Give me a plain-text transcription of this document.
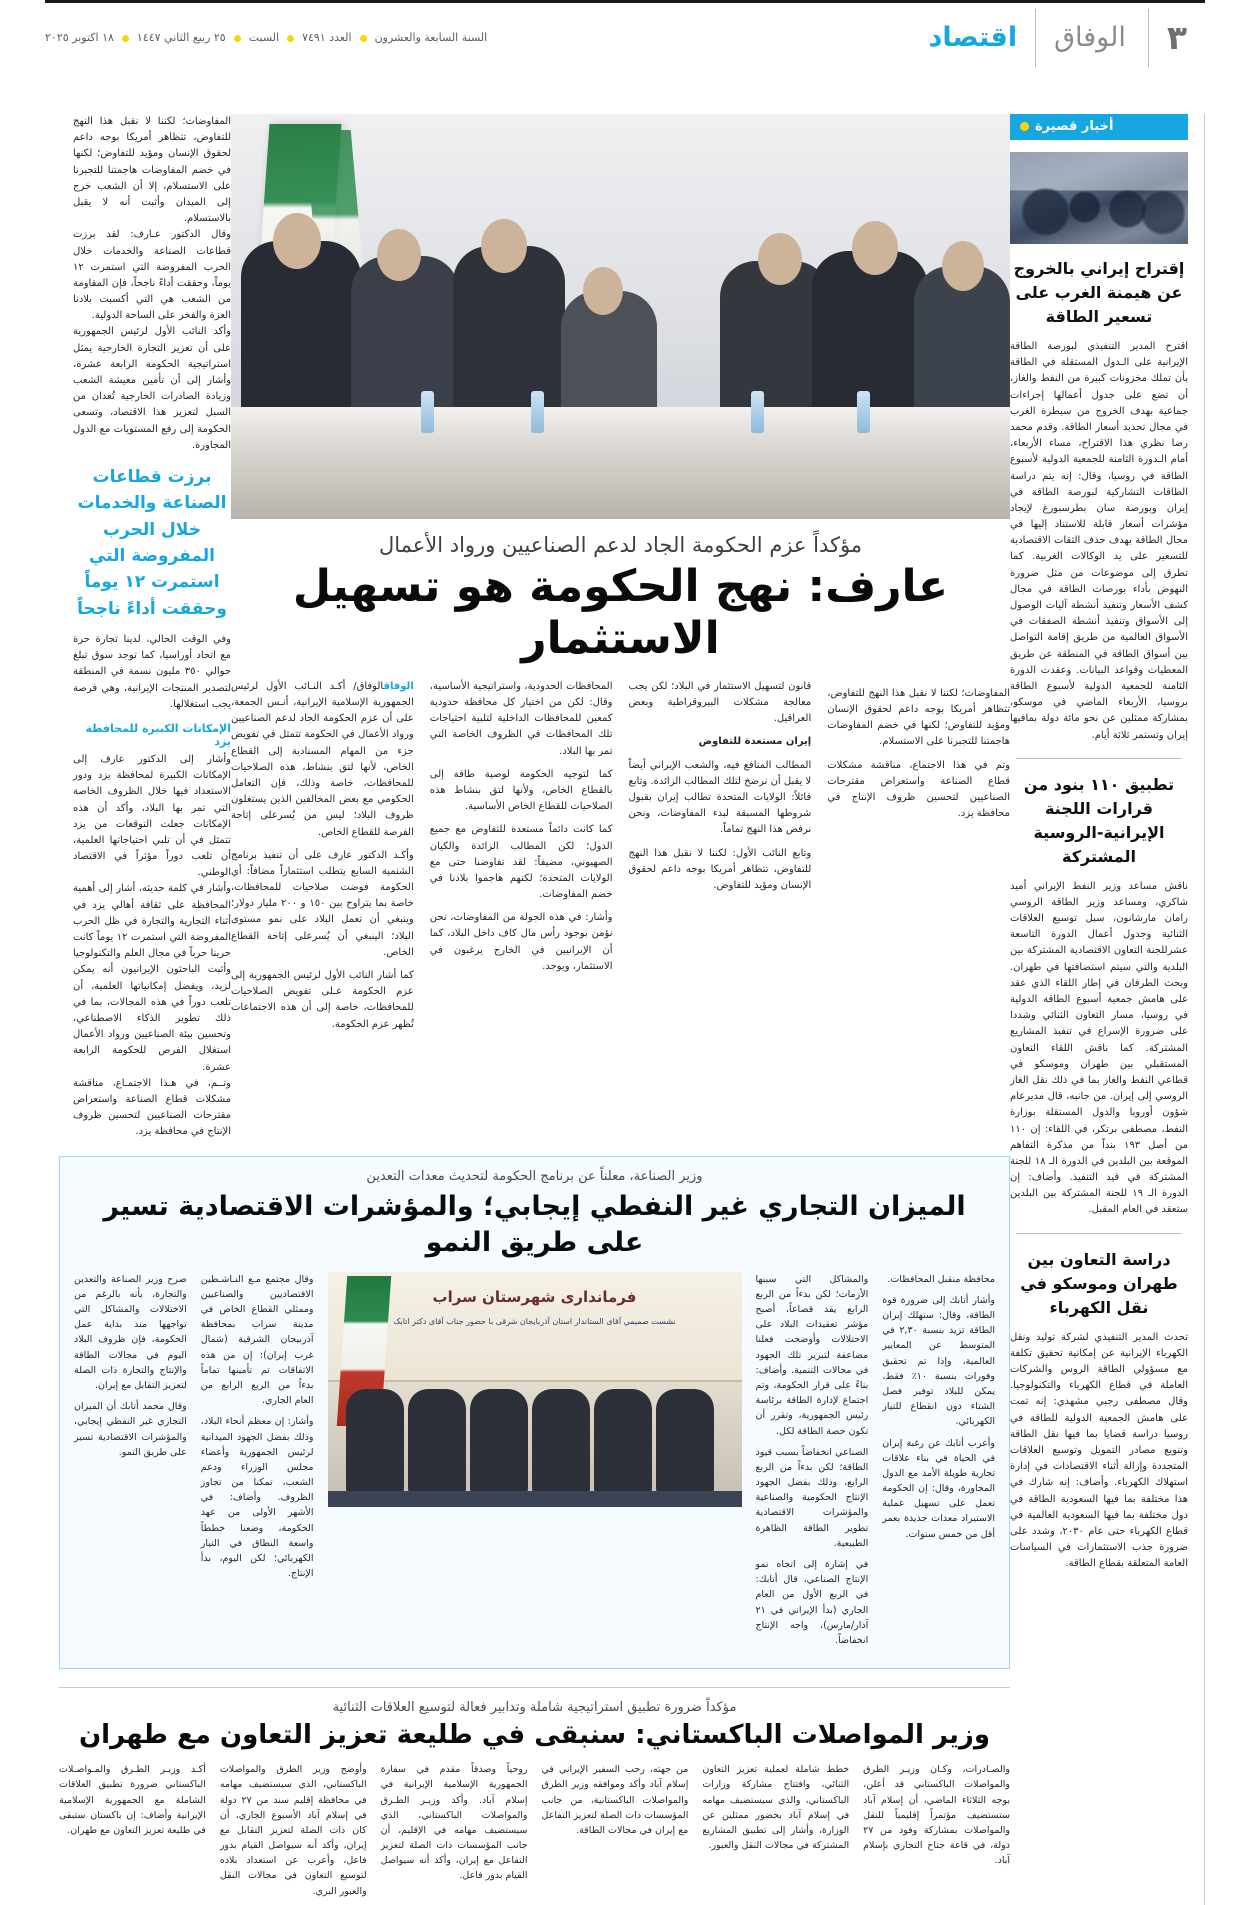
٣
الوفاق
اقتصاد
السنة السابعة والعشرون
العدد ٧٤٩١
السبت
٢٥ ربيع الثاني ١٤٤٧
١٨ اكتوبر ٢٠٢٥
أخبار قصيرة
إقتراح إيراني بالخروج عن هيمنة الغرب على تسعير الطاقة

اقترح المدير التنفيذي لبورصة الطاقة الإيرانية على الـدول المستقلة في الطاقة بأن تملك مخزونات كبيرة من النفط والغاز، أن تضع على جدول أعمالها إجراءات جماعية بهدف الخروج من سيطرة الغرب في مجال تحديد أسعار الطاقة. وقدم محمد رضا نظري هذا الاقتراح، مساء الأربعاء، أمام الـدورة الثامنة للجمعية الدولية لأسبوع الطاقة في روسيا، وقال: إنه يتم دراسة الطاقات التشاركية لبورصة الطاقة في إيران وبورصة سان بطرسبورغ لإيجاد مؤشرات أسعار قابلة للاستناد إليها في مجال الطاقة بهدف حذف الثقات الاقتصادية للتسعير على يد الوكالات الغربية. كما تطرق إلى موضوعات من مثل ضرورة النهوض بأداء بورصات الطاقة في مجال كشف الأسعار وتنفيذ أنشطة آليات الوصول إلى الأسواق وتنفيذ أنشطة الصفقات في الأسواق العالمية من طريق إقامة التواصل بين أسواق الطاقة في المنطقة عن طريق المعطيات وقواعد البيانات. وعقدت الدورة الثامنة للجمعية الدولية لأسبوع الطاقة بروسيا، الأربعاء الماضي في موسكو، بمشاركة ممثلين عن نحو مائة دولة بمافيها إيران وتستمر ثلاثة أيام.

تطبيق ١١٠ بنود من قرارات اللجنة الإيرانية-الروسية المشتركة

ناقش مساعد وزير النفط الإيراني أميد شاكري، ومساعد وزير الطاقة الروسي رامان مارشانون، سبل توسيع العلاقات الثنائية وجدول أعمال الدورة التاسعة عشرللجنة التعاون الاقتصادية المشتركة بين البلدية والتي سيتم استضافتها في طهران. وبحث الطرفان في إطار اللقاء الذي عقد على هامش جمعية أسبوع الطاقة الدولية في روسيا، مسار التعاون الثنائي وشددا على ضرورة الإسراع في تنفيذ المشاريع المشتركة. كما ناقش اللقاء التعاون المستقبلي بين طهران وموسكو في قطاعي النفط والغاز بما في ذلك نقل الغاز الروسي إلى إيران. من جانبه، قال مديرعام شؤون أوروبا والدول المستقلة بوزارة النفط، مصطفى برتكر، في اللقاء: إن ١١٠ من أصل ١٩٣ بنداً من مذكرة التفاهم الموقعة بين البلدين في الدورة الـ ١٨ للجنة المشتركة في قيد التنفيذ. وأضاف: إن الدورة الـ ١٩ للجنة المشتركة بين البلدين ستعقد في العام المقبل.

دراسة التعاون بين طهران وموسكو في نقل الكهرباء

تحدث المدير التنفيذي لشركة توليد ونقل الكهرباء الإيرانية عن إمكانية تحقيق تكلفة مع مسؤولي الطاقة الروس والشركات العاملة في قطاع الكهرباء والتكنولوجيا. وقال مصطفى رجبي مشهدي: إنه تمت على هامش الجمعية الدولية للطاقة في روسيا دراسة قضايا بما فيها نقل الطاقة وتنويع مصادر التمويل وتوسيع العلاقات المتجددة وإزالة أثناء الاقتصادات في إدارة استهلاك الكهرباء. وأضاف: إنه شارك في هذا مختلفة بما فيها السعودية الطاقة في دول مختلفة بما فيها السعودية العالمية في قطاع الكهرباء حتى عام ٢٠٣٠، وشدد على ضرورة جذب الاستثمارات في السياسات العامة المتعلقة بقطاع الطاقة.

مؤكداً عزم الحكومة الجاد لدعم الصناعيين ورواد الأعمال
عارف: نهج الحكومة هو تسهيل الاستثمار

المفاوضات؛ لكننا لا نقبل هذا النهج للتفاوض، تتظاهر أمريكا بوجه داعم لحقوق الإنسان ومؤيد للتفاوض؛ لكنها في خضم المفاوضات هاجمتنا للتجبرنا على الاستسلام.

وتم في هذا الاجتماع، مناقشة مشكلات قطاع الصناعة واستعراض مقترحات الصناعيين لتحسين ظروف الإنتاج في محافظة يزد.

قانون لتسهيل الاستثمار في البلاد؛ لكن يجب معالجة مشكلات البيروقراطية وبعض العراقيل.

إيران مستعدة للتفاوض

المطالب المنافع فيه، والشعب الإيراني أيضاً لا يقبل أن نرضخ لتلك المطالب الزائدة. وتابع قائلاً: الولايات المتحدة تطالب إيران بقبول شروطها المسبقة لبدء المفاوضات، ونحن نرفض هذا النهج تماماً.

وتابع النائب الأول: لكننا لا نقبل هذا النهج للتفاوض، تتظاهر أمريكا بوجه داعم لحقوق الإنسان ومؤيد للتفاوض.

المحافظات الحدودية، واستراتيجية الأساسية، وقال: لكن من اختيار كل محافظة حدودية كمعين للمحافظات الداخلية لتلبية احتياجات تلك المحافظات في الظروف الخاصة التي تمر بها البلاد.

كما لتوجيه الحكومة لوصية طاقة إلى بالقطاع الخاص، ولأنها لتق بنشاط هذه الصلاحيات للقطاع الخاص الأساسية.

كما كانت دائماً مستعدة للتفاوض مع جميع الدول؛ لكن المطالب الزائدة والكيان الصهيوني، مضيفاً: لقد تفاوضنا حتى مع الولايات المتحدة؛ لكنهم هاجموا بلادنا في خضم المفاوضات.

وأشار: في هذه الجولة من المفاوضات، نحن نؤمن بوجود رأس مال كاف داخل البلاد، كما أن الإيرانيين في الخارج يرغبون في الاستثمار، ويوجد.

الوفاقالوفاق/ أكـد النـائب الأول لرئيس الجمهورية الإسلامية الإيرانية، أنـس الجمعة، على أن عزم الحكومة الجاد لدعم الصناعيين ورواد الأعمال في الحكومة تتمثل في تفويض جزء من المهام المسنادية إلى القطاع الخاص، لأنها لتق بنشاط، هذه الصلاحيات للمحافظات، خاصة وذلك، فإن التعامل الحكومي مع بعض المخالفين الذين يستغلون ظروف البلاد؛ ليس من يُسرعلى إتاحة الفرصة للقطاع الخاص.

وأكـد الدكتور عارف على أن تنفيذ برنامج الشنمية السابع يتطلب استثماراً مضافاً: أي الحكومة فوضت صلاحيات للمحافظات، خاصة بما يتراوح بين ١٥٠ و ٢٠٠ مليار دولار؛ وينبغي أن تعمل البلاد على نمو مستوى البلاد؛ الينبغي أن يُسرعلى إتاحة القطاع الخاص.

كما أشار النائب الأول لرئيس الجمهورية إلى عزم الحكومة عـلى تفويض الصلاحيات للمحافظات، خاصة إلى أن هذه الاجتماعات تُظهر عزم الحكومة.

المفاوضات؛ لكننا لا نقبل هذا النهج للتفاوض، تتظاهر أمريكا بوجه داعم لحقوق الإنسان ومؤيد للتفاوض؛ لكنها في خضم المفاوضات هاجمتنا للتجبرنا على الاستسلام، إلا أن الشعب خرج إلى الميدان وأثبت أنه لا يقبل بالاستسلام.

وقال الدكتور عـارف: لقد برزت قطاعات الصناعة والخدمات خلال الحرب المفروضة التي استمرت ١٢ يوماً، وحققت أداءً ناجحاً، فإن المقاومة من الشعب هي التي أكسبت بلادنا العزة والفخر على الساحة الدولية.

وأكد النائب الأول لرئيس الجمهورية على أن تعزيز التجارة الخارجية يمثل استراتيجية الحكومة الرابعة عشرة، وأشار إلى أن تأمين معيشة الشعب وزيادة الصادرات الخارجية تُعدان من السبل لتعزيز هذا الاقتصاد، وتسعى الحكومة إلى رفع المستويات مع الدول المجاورة.

برزت قطاعات الصناعة والخدمات خلال الحرب المفروضة التي استمرت ١٢ يوماً وحققت أداءً ناجحاً

وفي الوقت الحالي، لدينا تجارة حرة مع اتحاد أوراسيا، كما توجد سوق تبلغ حوالي ٣٥٠ مليون نسمة في المنطقة لتصدير المنتجات الإيرانية، وهي فرصة يجب استغلالها.

الإمكانات الكبيرة للمحافظة يزد

وأشار إلى الدكتور عارف إلى الإمكانات الكبيرة لمحافظة يزد ودور الاستعداد فيها خلال الظروف الخاصة التي تمر بها البلاد، وأكد أن هذه الإمكانات جعلت التوقعات من يزد تتمثل في أن تلبي احتياجاتها العلمية، أن تلعب دوراً مؤثراً في الاقتصاد الوطني.

وأشار في كلمة حديثه، أشار إلى أهمية المحافظة على ثقافة أهالي يزد في أثناء التجارية والتجارة في ظل الحرب المفروضة التي استمرت ١٢ يوماً كانت حربنا حرباً في مجال العلم والتكنولوجيا وأثبت الباحثون الإيرانيون أنه يمكن لزيد، ويفضل إمكانياتها العلمية، أن تلعب دوراً في هذه المجالات، بما في ذلك تطوير الذكاء الاصطناعي، وتحسين بيئة الصناعيين ورواد الأعمال استغلال الفرص للحكومة الرابعة عشرة.

وتــم، في هـذا الاجتمـاع، مناقشة مشكلات قطاع الصناعة واستعراض مقترحات الصناعيين لتحسين ظروف الإنتاج في محافظة يزد.

وزير الصناعة، معلناً عن برنامج الحكومة لتحديث معدات التعدين
الميزان التجاري غير النفطي إيجابي؛ والمؤشرات الاقتصادية تسير على طريق النمو

محافظة منقبل المحافظات.

وأشار أتابك إلى ضرورة قوة الطاقة، وقال: ستهلك إيران الطاقة تزيد بنسبة ٢,٣٠ في المتوسط عن المعايير العالمية، وإذا تم تحقيق وفورات بنسبة ١٠٪ فقط، يمكن للبلاد توفير فصل الشتاء دون انقطاع للتيار الكهربائي.

وأعرب أتابك عن رغبة إيران في الحياة في بناء علاقات تجارية طويلة الأمد مع الدول المجاورة، وقال: إن الحكومة تعمل على تسهيل عملية الاستيراد معدات جديدة بعمر أقل من خمس سنوات.

والمشاكل التي سببها الأزمات؛ لكن بدءاً من الربع الرابع يقد قصاعاً، أصبح مؤشر تعقيدات البلاد على الاحتلالات وأوضحت فعلنا مضاعفة لتبرير تلك الجهود في مجالات التنمية. وأضاف: بناءً على قرار الحكومة، وتم اجتماع لإدارة الطاقة برئاسة رئيس الجمهورية، وتقرر أن تكون حصة الطاقة لكل.

الصناعي انخفاضاً بسبب قيود الطاقة؛ لكن بدءاً من الربع الرابع، وذلك بفضل الجهود الإنتاج الحكومية والصناعية والمؤشرات الاقتصادية تطوير الطاقة الظاهرة الطبيعية.

في إشارة إلى اتجاه نمو الإنتاج الصناعي، قال أتابك: في الربع الأول من العام الجاري (بدأ الإيراني في ٢١ آذار/مارس)، واجه الإنتاج انخفاضاً.

فرمانداری شهرستان سراب
نشست صميمي آقای الستاندار استان آذربایجان شرقی با حضور جناب آقای دکتر اتابک

وقال مجتمع مـع النـاشـطين الاقتصاديين والصناعيين وممثلي القطاع الخاص في مدينة سراب بمحافظة آذربيجان الشرقية (شمال غرب إيران): إن من هذه الاتفاقات تم تأمينها تماماً بدءاً من الربع الرابع من العام الجاري.

وأشار: إن معظم أنحاء البلاد، وذلك بفضل الجهود الميدانية لرئيس الجمهورية وأعضاء مجلس الوزراء ودعم الشعب، تمكنا من تجاوز الظروف. وأضاف: في الأشهر الأولى من عهد الحكومة، وضعنا خططاً واسعة النطاق في التيار الكهربائي؛ لكن اليوم، بدأ الإنتاج.

صرح وزير الصناعة والتعدين والتجارة، بأنه بالرغم من الاختلالات والمشاكل التي تواجهها منذ بداية عمل الحكومة، فإن ظروف البلاد اليوم في مجالات الطاقة والإنتاج والتجارة ذات الصلة لتعزيز التقابل مع إيران.

وقال محمد أتابك أن الميزان التجاري غير النفطي إيجابي، والمؤشرات الاقتصادية تسير على طريق النمو.

مؤكداً ضرورة تطبيق استراتيجية شاملة وتدابير فعالة لتوسيع العلاقات الثنائية
وزير المواصلات الباكستاني: سنبقى في طليعة تعزيز التعاون مع طهران

والصـادرات، وكـان وزيـر الطرق والمواصلات الباكستاني قد أعلن، بوجه الثلاثاء الماضي، أن إسلام آباد ستستضيف مؤتمراً إقليمياً للنقل والمواصلات بمشاركة وفود من ٢٧ دولة، في قاعة جناح التجاري بإسلام آباد.

خطط شاملة لعملية تعزيز التعاون الثنائي، وافتتاح مشاركة وزارات الباكستاني، والذي سيستضيف مهامه في إسلام آباد بحضور ممثلين عن الوزارة، وأشار إلى تطبيق المشاريع المشتركة في مجالات النقل والعبور.

من جهته، رحب السفير الإيراني في إسلام آباد وأكد وموافقه وزير الطرق والمواصلات الباكستانية، من جانب المؤسسات ذات الصلة لتعزيز التفاعل مع إيران في مجالات الطاقة.

روحياً وصدقاً مقدم في سفارة الجمهورية الإسلامية الإيرانية في إسلام آباد. وأكد وزيـر الطـرق والمواصلات الباكستاني، الذي سيستضيف مهامه في الإقليم، أن جانب المؤسسات ذات الصلة لتعزيز التفاعل مع إيران، وأكد أنه سيواصل القيام بدور فاعل.

وأوضح وزير الطرق والمواصلات الباكستاني، الذي سيستضيف مهامه في محافظة إقليم سند من ٢٧ دولة في إسلام آباد الأسبوع الجاري، أن كان ذات الصلة لتعزيز التقابل مع إيران، وأكد أنه سيواصل القيام بدور فاعل، وأعرب عن استعداد بلاده لتوسيع التعاون في مجالات النقل والعبور البري.

أكـد وزيـر الطـرق والمـواصـلات الباكستاني ضرورة تطبيق العلاقات الشاملة مع الجمهورية الإسلامية الإيرانية وأضاف: إن باكستان ستبقى في طليعة تعزيز التعاون مع طهران.
